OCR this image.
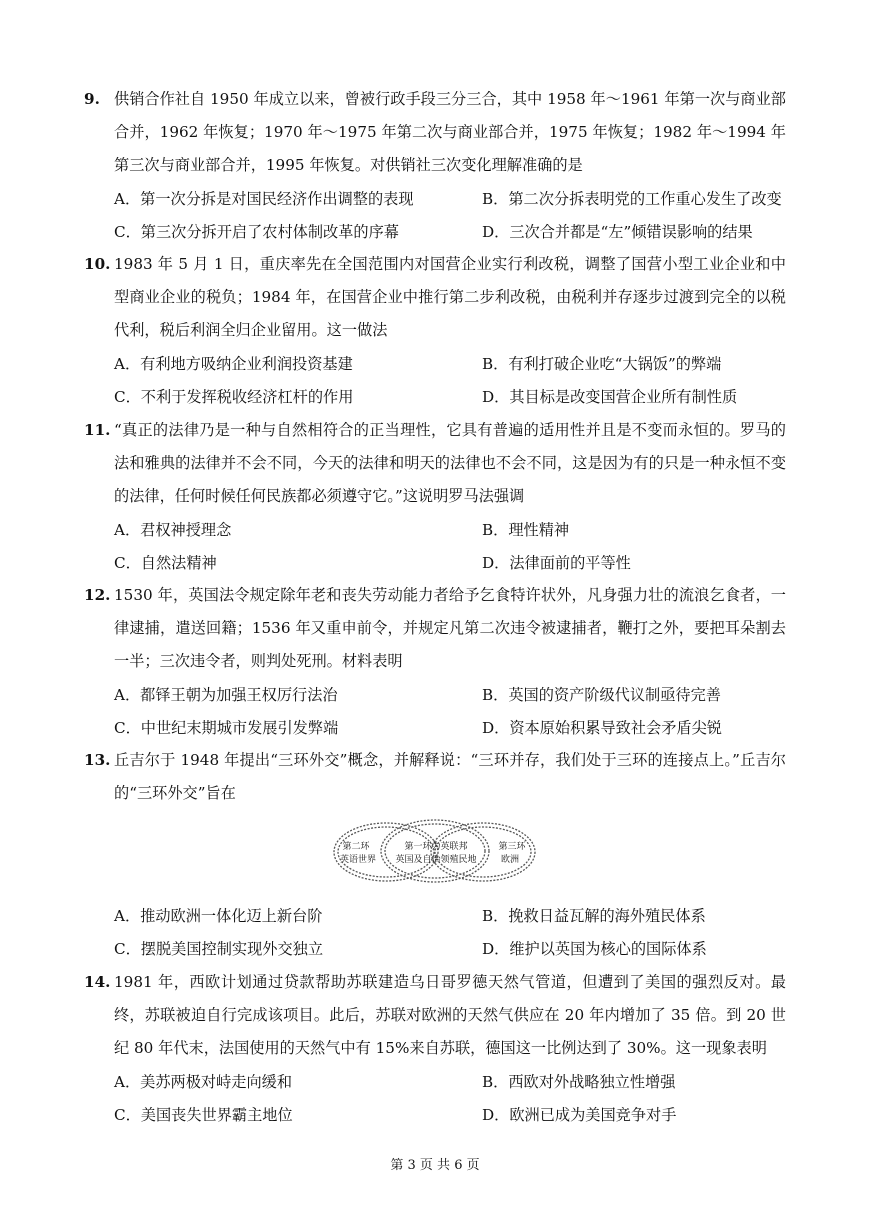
9. 供销合作社自 1950 年成立以来，曾被行政手段三分三合，其中 1958 年～1961 年第一次与商业部合并，1962 年恢复；1970 年～1975 年第二次与商业部合并，1975 年恢复；1982 年～1994 年第三次与商业部合并，1995 年恢复。对供销社三次变化理解准确的是
A．第一次分拆是对国民经济作出调整的表现	B．第二次分拆表明党的工作重心发生了改变
C．第三次分拆开启了农村体制改革的序幕	D．三次合并都是“左”倾错误影响的结果
10. 1983 年 5 月 1 日，重庆率先在全国范围内对国营企业实行利改税，调整了国营小型工业企业和中型商业企业的税负；1984 年，在国营企业中推行第二步利改税，由税利并存逐步过渡到完全的以税代利，税后利润全归企业留用。这一做法
A．有利地方吸纳企业利润投资基建	B．有利打破企业吃“大锅饭”的弊端
C．不利于发挥税收经济杠杆的作用	D．其目标是改变国营企业所有制性质
11. “真正的法律乃是一种与自然相符合的正当理性，它具有普遍的适用性并且是不变而永恒的。罗马的法和雅典的法律并不会不同，今天的法律和明天的法律也不会不同，这是因为有的只是一种永恒不变的法律，任何时候任何民族都必须遵守它。”这说明罗马法强调
A．君权神授理念	B．理性精神
C．自然法精神	D．法律面前的平等性
12. 1530 年，英国法令规定除年老和丧失劳动能力者给予乞食特许状外，凡身强力壮的流浪乞食者，一律逮捕，遣送回籍；1536 年又重申前令，并规定凡第二次违令被逮捕者，鞭打之外，要把耳朵割去一半；三次违令者，则判处死刑。材料表明
A．都铎王朝为加强王权厉行法治	B．英国的资产阶级代议制亟待完善
C．中世纪末期城市发展引发弊端	D．资本原始积累导致社会矛盾尖锐
13. 丘吉尔于 1948 年提出“三环外交”概念，并解释说：“三环并存，我们处于三环的连接点上。”丘吉尔的“三环外交”旨在
第二环
英语世界
第一环为英联邦
英国及自治领殖民地
第三环
欧洲
A．推动欧洲一体化迈上新台阶	B．挽救日益瓦解的海外殖民体系
C．摆脱美国控制实现外交独立	D．维护以英国为核心的国际体系
14. 1981 年，西欧计划通过贷款帮助苏联建造乌日哥罗德天然气管道，但遭到了美国的强烈反对。最终，苏联被迫自行完成该项目。此后，苏联对欧洲的天然气供应在 20 年内增加了 35 倍。到 20 世纪 80 年代末，法国使用的天然气中有 15%来自苏联，德国这一比例达到了 30%。这一现象表明
A．美苏两极对峙走向缓和	B．西欧对外战略独立性增强
C．美国丧失世界霸主地位	D．欧洲已成为美国竞争对手
第 3 页 共 6 页
